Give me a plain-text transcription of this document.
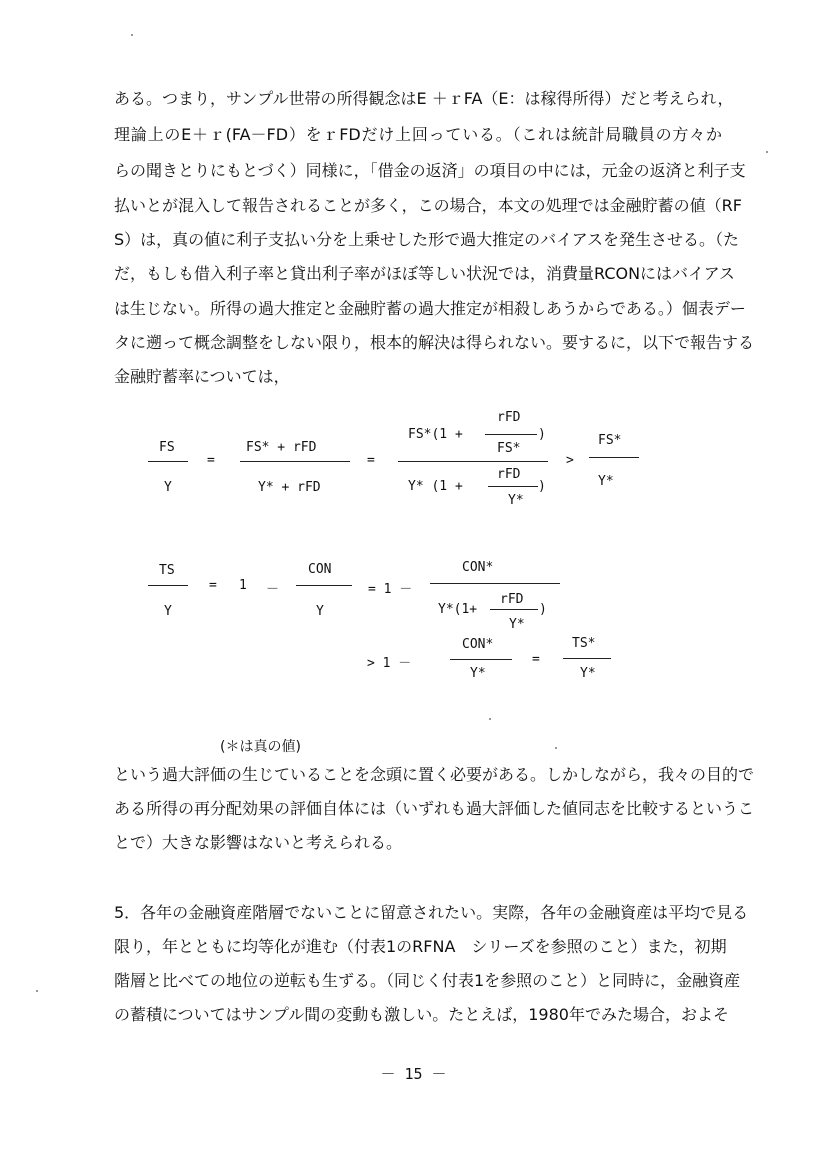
ある。つまり，サンプル世帯の所得観念はE ＋ｒFA（E：は稼得所得）だと考えられ，
理論上のE＋ｒ(FA－FD）をｒFDだけ上回っている。（これは統計局職員の方々か
らの聞きとりにもとづく）同様に，「借金の返済」の項目の中には，元金の返済と利子支
払いとが混入して報告されることが多く，この場合，本文の処理では金融貯蓄の値（RF
S）は，真の値に利子支払い分を上乗せした形で過大推定のバイアスを発生させる。（た
だ，もしも借入利子率と貸出利子率がほぼ等しい状況では，消費量RCONにはバイアス
は生じない。所得の過大推定と金融貯蓄の過大推定が相殺しあうからである。）個表デー
タに遡って概念調整をしない限り，根本的解決は得られない。要するに，以下で報告する
金融貯蓄率については，
FS
Y
=
FS* + rFD
Y* + rFD
=
rFD
FS*(1 +	)
FS*
rFD
Y* (1 +	)
Y*
>
FS*
Y*
TS
Y
= 1 －
CON
Y
= 1 －
CON*
rFD
Y*(1+	)
Y*
> 1 －
CON*
Y*
=
TS*
Y*
(＊は真の値)
という過大評価の生じていることを念頭に置く必要がある。しかしながら，我々の目的で
ある所得の再分配効果の評価自体には（いずれも過大評価した値同志を比較するというこ
とで）大きな影響はないと考えられる。
5．各年の金融資産階層でないことに留意されたい。実際，各年の金融資産は平均で見る
限り，年とともに均等化が進む（付表1のRFNA　シリーズを参照のこと）また，初期
階層と比べての地位の逆転も生ずる。（同じく付表1を参照のこと）と同時に，金融資産
の蓄積についてはサンプル間の変動も激しい。たとえば，1980年でみた場合，およそ
－ 15 －
